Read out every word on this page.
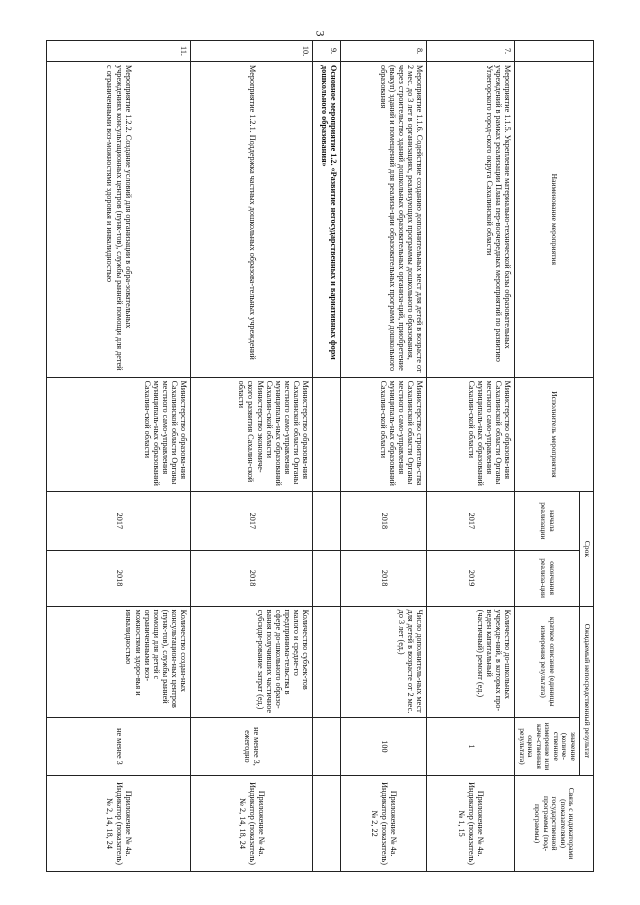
3
	Наименование мероприятия	Исполнитель мероприятия	Срок		Ожидаемый непосредственный результат		Связь с индикаторами (показателями) государственной программы (под-программы)
			начала реализации	окончания реализа-ции	краткое описание (единицы измерения результата)	значение (количе-ственное измерение или каче-ственная оценка результата)	
7.	Мероприятие 1.1.5. Укрепление материально-технической базы образовательных учреждений в рамках реализации Плана пер-воочередных мероприятий по развитию Углегорского город-ского округа Сахалинской области	Министерство образова-ния Сахалинской области Органы местного само-управления муниципаль-ных образований Сахалин-ской области	2017	2019	Количество до-школьных учрежде-ний, в которых про-веден капитальный (частичный) ремонт (ед.)	1	Приложение № 4а. Индикатор (показатель) № 1, 15
8.	Мероприятие 1.1.6. Содействие созданию дополнительных мест для детей в возрасте от 2 мес. до 3 лет в организациях, реализующих программы дошкольного образования, через строительство зданий дошкольных образовательных организа-ций, приобретение (выкуп) зданий и помещений для реализа-ции образовательных программ дошкольного образования	Министерство строитель-ства Сахалинской области Органы местного само-управления муниципаль-ных образований Сахалин-ской области	2018	2018	Число дополнитель-ных мест для детей в возрасте от 2 мес. до 3 лет (ед.)	100	Приложение № 4а. Индикатор (показатель) № 2, 22
9.	Основное мероприятие 1.2. «Развитие негосударственных и вариативных форм дошкольного образования»						
10.	Мероприятие 1.2.1. Поддержка частных дошкольных образова-тельных учреждений	Министерство образова-ния Сахалинской области Органы местного само-управления муниципаль-ных образований Сахалин-ской области Министерство экономиче-ского развития Сахалин-ской области	2017	2018	Количество субъек-тов малого и средне-го предпринима-тельства в сфере до-школьного образо-вания получивших частичное субсиди-рование затрат (ед.)	не менее 3, ежегодно	Приложение № 4а. Индикатор (показатель) № 2, 14, 18, 24
11.	Мероприятие 1.2.2. Создание условий для организации в обра-зовательных учреждениях консультационных центров (пунк-тов), службы ранней помощи для детей с ограниченными воз-можностями здоровья и инвалидностью	Министерство образова-ния Сахалинской области Органы местного само-управления муниципаль-ных образований Сахалин-ской области	2017	2018	Количество создан-ных консультацион-ных центров (пунк-тов), службы ранней помощи для детей с ограниченными воз-можностями здоро-вья и инвалидностью	не менее 3	Приложение № 4а. Индикатор (показатель) № 2, 14, 18, 24
